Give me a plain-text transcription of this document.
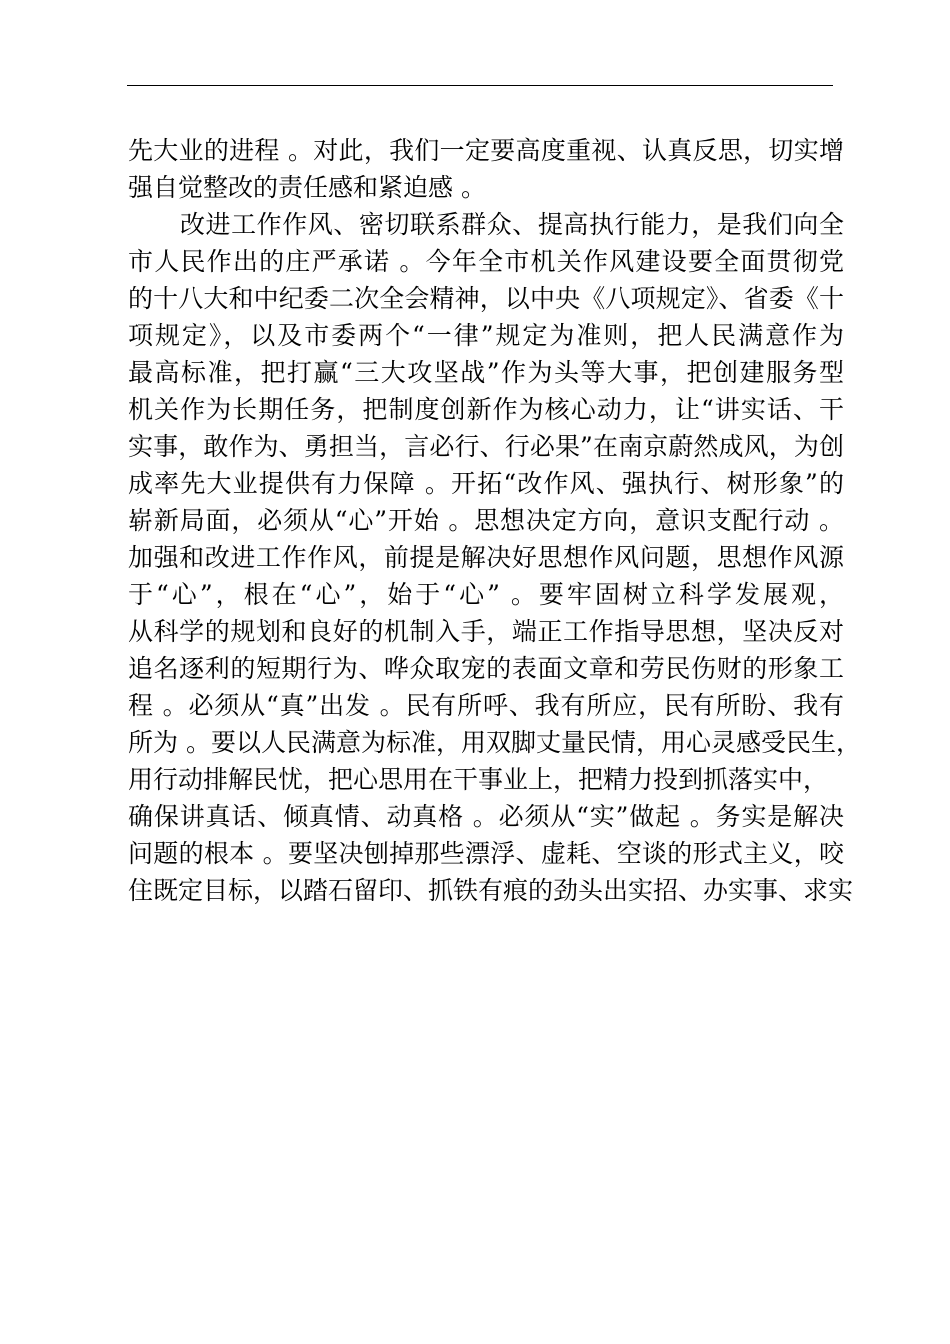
先大业的进程 。对此，我们一定要高度重视、认真反思，切实增
强自觉整改的责任感和紧迫感 。
改进工作作风、密切联系群众、提高执行能力，是我们向全
市人民作出的庄严承诺 。今年全市机关作风建设要全面贯彻党
的十八大和中纪委二次全会精神，以中央《八项规定》、省委《十
项规定》，以及市委两个“一律”规定为准则，把人民满意作为
最高标准，把打赢“三大攻坚战”作为头等大事，把创建服务型
机关作为长期任务，把制度创新作为核心动力，让“讲实话、干
实事，敢作为、勇担当，言必行、行必果”在南京蔚然成风，为创
成率先大业提供有力保障 。开拓“改作风、强执行、树形象”的
崭新局面，必须从“心”开始 。思想决定方向，意识支配行动 。
加强和改进工作作风，前提是解决好思想作风问题，思想作风源
于“心”，根在“心”，始于“心” 。要牢固树立科学发展观，
从科学的规划和良好的机制入手，端正工作指导思想，坚决反对
追名逐利的短期行为、哗众取宠的表面文章和劳民伤财的形象工
程 。必须从“真”出发 。民有所呼、我有所应，民有所盼、我有
所为 。要以人民满意为标准，用双脚丈量民情，用心灵感受民生，
用行动排解民忧，把心思用在干事业上，把精力投到抓落实中，
确保讲真话、倾真情、动真格 。必须从“实”做起 。务实是解决
问题的根本 。要坚决刨掉那些漂浮、虚耗、空谈的形式主义，咬
住既定目标，以踏石留印、抓铁有痕的劲头出实招、办实事、求实
